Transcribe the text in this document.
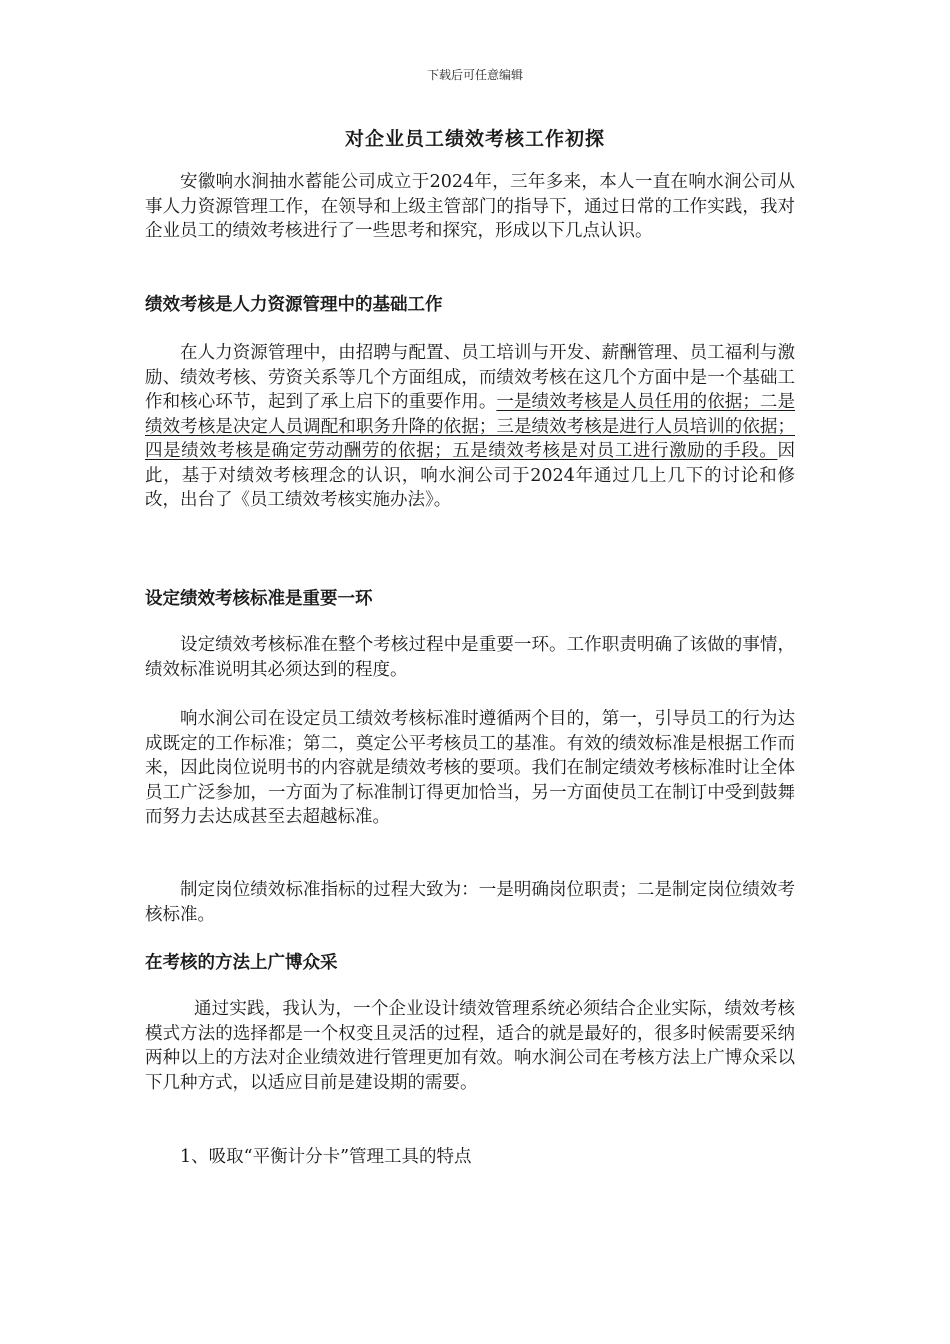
下载后可任意编辑
对企业员工绩效考核工作初探

安徽响水涧抽水蓄能公司成立于2024年，三年多来，本人一直在响水涧公司从事人力资源管理工作，在领导和上级主管部门的指导下，通过日常的工作实践，我对企业员工的绩效考核进行了一些思考和探究，形成以下几点认识。

绩效考核是人力资源管理中的基础工作

在人力资源管理中，由招聘与配置、员工培训与开发、薪酬管理、员工福利与激励、绩效考核、劳资关系等几个方面组成，而绩效考核在这几个方面中是一个基础工作和核心环节，起到了承上启下的重要作用。一是绩效考核是人员任用的依据；二是绩效考核是决定人员调配和职务升降的依据；三是绩效考核是进行人员培训的依据；四是绩效考核是确定劳动酬劳的依据；五是绩效考核是对员工进行激励的手段。因此，基于对绩效考核理念的认识，响水涧公司于2024年通过几上几下的讨论和修改，出台了《员工绩效考核实施办法》。

设定绩效考核标准是重要一环

设定绩效考核标准在整个考核过程中是重要一环。工作职责明确了该做的事情，绩效标准说明其必须达到的程度。

响水涧公司在设定员工绩效考核标准时遵循两个目的，第一，引导员工的行为达成既定的工作标准；第二，奠定公平考核员工的基准。有效的绩效标准是根据工作而来，因此岗位说明书的内容就是绩效考核的要项。我们在制定绩效考核标准时让全体员工广泛参加，一方面为了标准制订得更加恰当，另一方面使员工在制订中受到鼓舞而努力去达成甚至去超越标准。

制定岗位绩效标准指标的过程大致为：一是明确岗位职责；二是制定岗位绩效考核标准。

在考核的方法上广博众采

通过实践，我认为，一个企业设计绩效管理系统必须结合企业实际，绩效考核模式方法的选择都是一个权变且灵活的过程，适合的就是最好的，很多时候需要采纳两种以上的方法对企业绩效进行管理更加有效。响水涧公司在考核方法上广博众采以下几种方式，以适应目前是建设期的需要。

1、吸取“平衡计分卡”管理工具的特点
